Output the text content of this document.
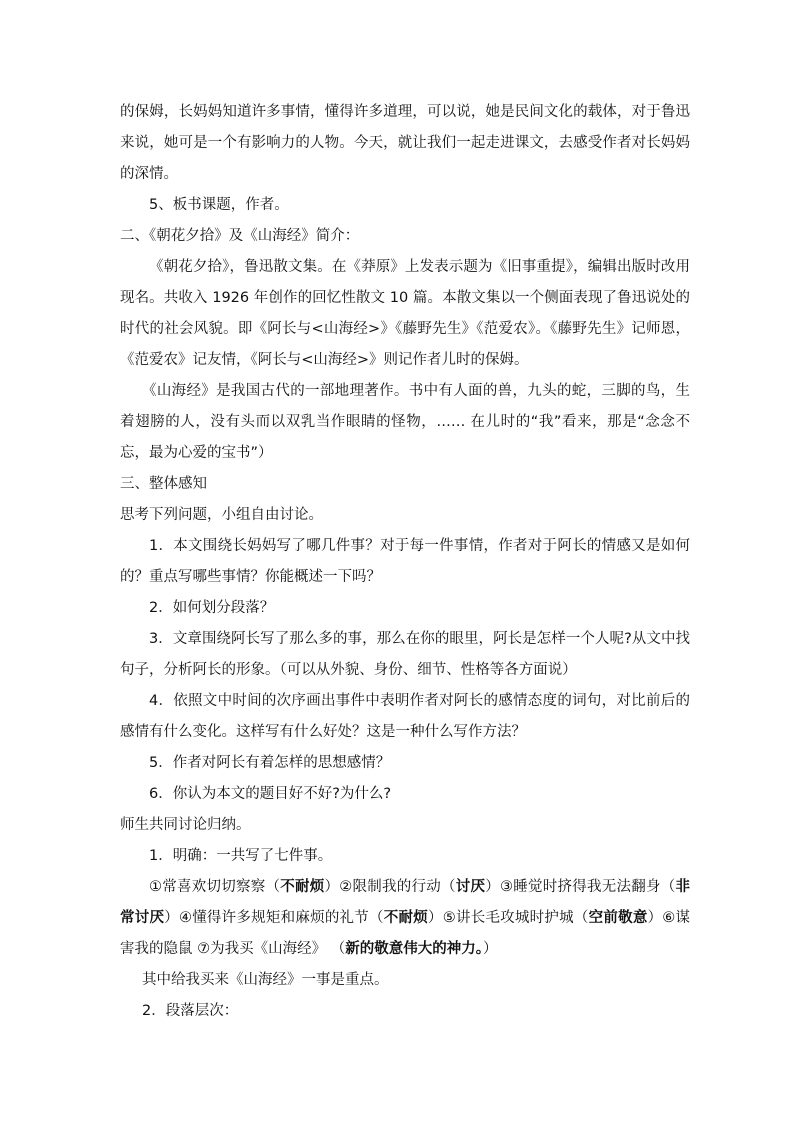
的保姆，长妈妈知道许多事情，懂得许多道理，可以说，她是民间文化的载体，对于鲁迅来说，她可是一个有影响力的人物。今天，就让我们一起走进课文，去感受作者对长妈妈的深情。

5、板书课题，作者。

二、《朝花夕拾》及《山海经》简介：

《朝花夕拾》，鲁迅散文集。在《莽原》上发表示题为《旧事重提》，编辑出版时改用现名。共收入 1926 年创作的回忆性散文 10 篇。本散文集以一个侧面表现了鲁迅说处的时代的社会风貌。即《阿长与<山海经>》《藤野先生》《范爱农》。《藤野先生》记师恩，《范爱农》记友情，《阿长与<山海经>》则记作者儿时的保姆。

《山海经》是我国古代的一部地理著作。书中有人面的兽，九头的蛇，三脚的鸟，生着翅膀的人，没有头而以双乳当作眼睛的怪物，…… 在儿时的“我”看来，那是“念念不忘，最为心爱的宝书”）

三、整体感知

思考下列问题，小组自由讨论。

1．本文围绕长妈妈写了哪几件事？对于每一件事情，作者对于阿长的情感又是如何的？重点写哪些事情？你能概述一下吗？

2．如何划分段落？

3．文章围绕阿长写了那么多的事，那么在你的眼里，阿长是怎样一个人呢?从文中找句子，分析阿长的形象。（可以从外貌、身份、细节、性格等各方面说）

4．依照文中时间的次序画出事件中表明作者对阿长的感情态度的词句，对比前后的感情有什么变化。这样写有什么好处？这是一种什么写作方法？

5．作者对阿长有着怎样的思想感情？

6．你认为本文的题目好不好?为什么?

师生共同讨论归纳。

1．明确：一共写了七件事。

①常喜欢切切察察（不耐烦）②限制我的行动（讨厌）③睡觉时挤得我无法翻身（非常讨厌）④懂得许多规矩和麻烦的礼节（不耐烦）⑤讲长毛攻城时护城（空前敬意）⑥谋害我的隐鼠 ⑦为我买《山海经》 （新的敬意伟大的神力。）

其中给我买来《山海经》一事是重点。

2．段落层次：
